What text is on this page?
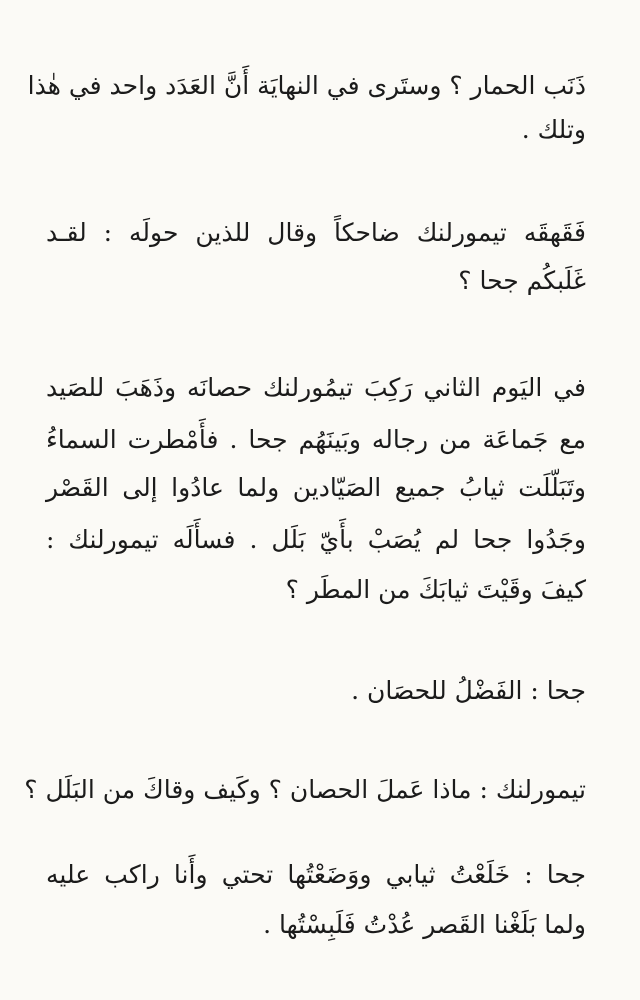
ذَنَب الحمار ؟ وستَرى في النهايَة أَنَّ العَدَد واحد في هٰذا
وتلك .
فَقَهقَه تيمورلنك ضاحكاً وقال للذين حولَه : لقـد
غَلَبكُم جحا ؟
في اليَوم الثاني رَكِبَ تيمُورلنك حصانَه وذَهَبَ للصَيد
مع جَماعَة من رجاله وبَينَهُم جحا . فأَمْطرت السماءُ
وتَبَلّلَت ثيابُ جميع الصَيّادين ولما عادُوا إلى القَصْر
وجَدُوا جحا لم يُصَبْ بأَيّ بَلَل . فسأَلَه تيمورلنك :
كيفَ وقَيْتَ ثيابَكَ من المطَر ؟
جحا : الفَضْلُ للحصَان .
تيمورلنك : ماذا عَملَ الحصان ؟ وكَيف وقاكَ من البَلَل ؟
جحا : خَلَعْتُ ثيابي ووَضَعْتُها تحتي وأَنا راكب عليه
ولما بَلَغْنا القَصر عُدْتُ فَلَبِسْتُها .
